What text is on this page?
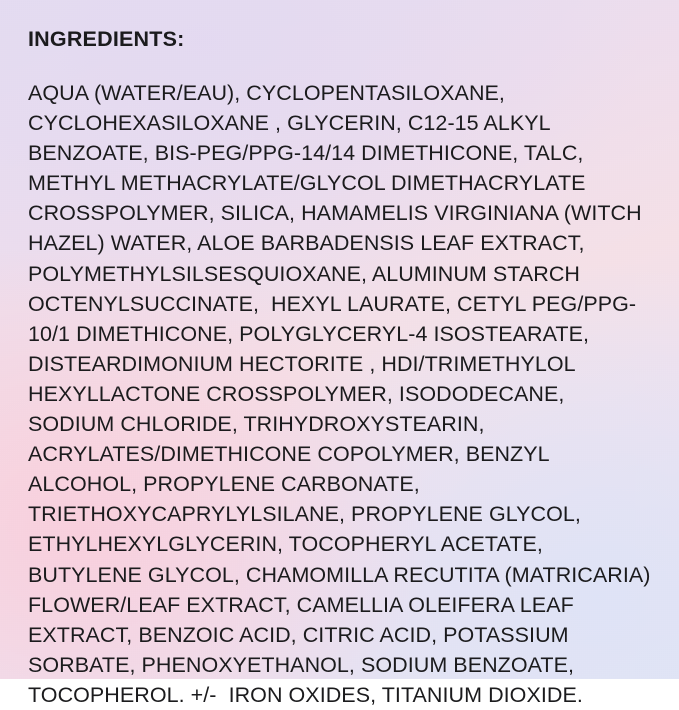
INGREDIENTS:

AQUA (WATER/EAU), CYCLOPENTASILOXANE, CYCLOHEXASILOXANE , GLYCERIN, C12-15 ALKYL BENZOATE, BIS-PEG/PPG-14/14 DIMETHICONE, TALC, METHYL METHACRYLATE/GLYCOL DIMETHACRYLATE CROSSPOLYMER, SILICA, HAMAMELIS VIRGINIANA (WITCH HAZEL) WATER, ALOE BARBADENSIS LEAF EXTRACT, POLYMETHYLSILSESQUIOXANE, ALUMINUM STARCH OCTENYLSUCCINATE,  HEXYL LAURATE, CETYL PEG/PPG-10/1 DIMETHICONE, POLYGLYCERYL-4 ISOSTEARATE, DISTEARDIMONIUM HECTORITE , HDI/TRIMETHYLOL HEXYLLACTONE CROSSPOLYMER, ISODODECANE, SODIUM CHLORIDE, TRIHYDROXYSTEARIN, ACRYLATES/DIMETHICONE COPOLYMER, BENZYL ALCOHOL, PROPYLENE CARBONATE, TRIETHOXYCAPRYLYLSILANE, PROPYLENE GLYCOL, ETHYLHEXYLGLYCERIN, TOCOPHERYL ACETATE, BUTYLENE GLYCOL, CHAMOMILLA RECUTITA (MATRICARIA) FLOWER/LEAF EXTRACT, CAMELLIA OLEIFERA LEAF EXTRACT, BENZOIC ACID, CITRIC ACID, POTASSIUM SORBATE, PHENOXYETHANOL, SODIUM BENZOATE, TOCOPHEROL. +/-  IRON OXIDES, TITANIUM DIOXIDE.
